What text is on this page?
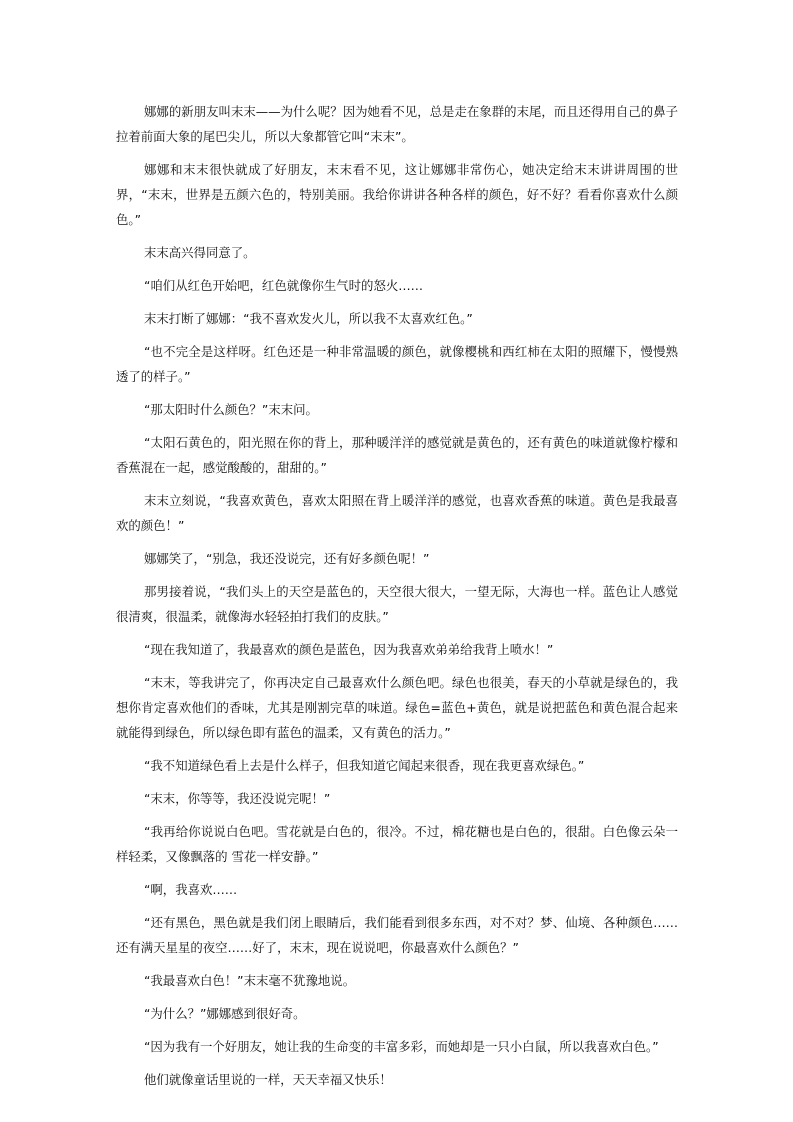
娜娜的新朋友叫末末——为什么呢？因为她看不见，总是走在象群的末尾，而且还得用自己的鼻子拉着前面大象的尾巴尖儿，所以大象都管它叫“末末”。

娜娜和末末很快就成了好朋友，末末看不见，这让娜娜非常伤心，她决定给末末讲讲周围的世界，“末末，世界是五颜六色的，特别美丽。我给你讲讲各种各样的颜色，好不好？看看你喜欢什么颜色。”

末末高兴得同意了。

“咱们从红色开始吧，红色就像你生气时的怒火……

末末打断了娜娜：“我不喜欢发火儿，所以我不太喜欢红色。”

“也不完全是这样呀。红色还是一种非常温暖的颜色，就像樱桃和西红柿在太阳的照耀下，慢慢熟透了的样子。”

“那太阳时什么颜色？”末末问。

“太阳石黄色的，阳光照在你的背上，那种暖洋洋的感觉就是黄色的，还有黄色的味道就像柠檬和香蕉混在一起，感觉酸酸的，甜甜的。”

末末立刻说，“我喜欢黄色，喜欢太阳照在背上暖洋洋的感觉，也喜欢香蕉的味道。黄色是我最喜欢的颜色！”

娜娜笑了，“别急，我还没说完，还有好多颜色呢！”

那男接着说，“我们头上的天空是蓝色的，天空很大很大，一望无际，大海也一样。蓝色让人感觉很清爽，很温柔，就像海水轻轻拍打我们的皮肤。”

“现在我知道了，我最喜欢的颜色是蓝色，因为我喜欢弟弟给我背上喷水！”

“末末，等我讲完了，你再决定自己最喜欢什么颜色吧。绿色也很美，春天的小草就是绿色的，我想你肯定喜欢他们的香味，尤其是刚割完草的味道。绿色=蓝色+黄色，就是说把蓝色和黄色混合起来就能得到绿色，所以绿色即有蓝色的温柔，又有黄色的活力。”

“我不知道绿色看上去是什么样子，但我知道它闻起来很香，现在我更喜欢绿色。”

“末末，你等等，我还没说完呢！”

“我再给你说说白色吧。雪花就是白色的，很冷。不过，棉花糖也是白色的，很甜。白色像云朵一样轻柔，又像飘落的 雪花一样安静。”

“啊，我喜欢……

“还有黑色，黑色就是我们闭上眼睛后，我们能看到很多东西，对不对？梦、仙境、各种颜色……还有满天星星的夜空……好了，末末，现在说说吧，你最喜欢什么颜色？”

“我最喜欢白色！”末末毫不犹豫地说。

“为什么？”娜娜感到很好奇。

“因为我有一个好朋友，她让我的生命变的丰富多彩，而她却是一只小白鼠，所以我喜欢白色。”

他们就像童话里说的一样，天天幸福又快乐！
